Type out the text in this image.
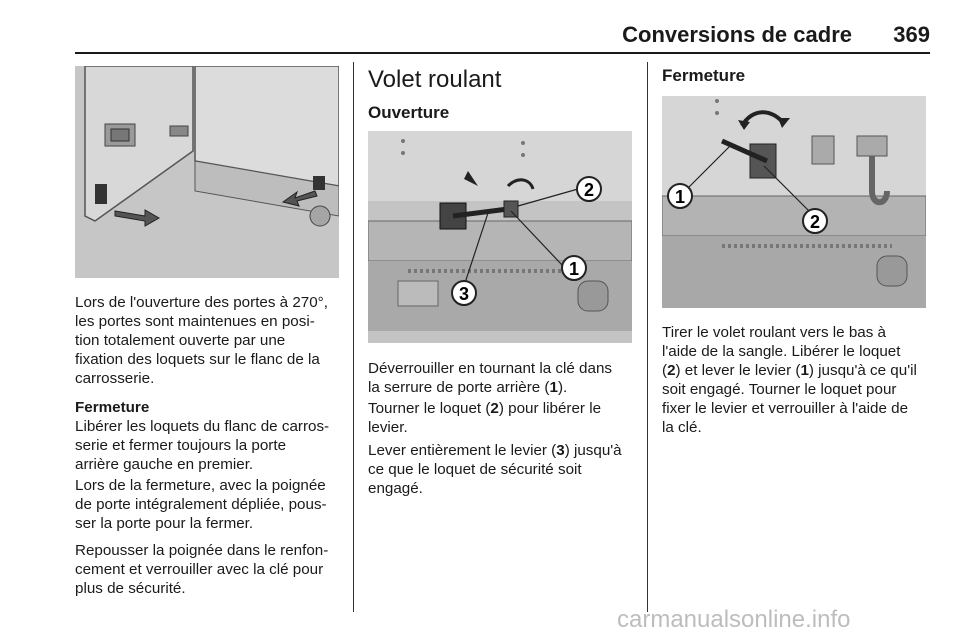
Conversions de cadre 369
Lors de l'ouverture des portes à 270°,
les portes sont maintenues en posi-
tion totalement ouverte par une
fixation des loquets sur le flanc de la
carrosserie.
Fermeture
Libérer les loquets du flanc de carros-
serie et fermer toujours la porte
arrière gauche en premier.
Lors de la fermeture, avec la poignée
de porte intégralement dépliée, pous-
ser la porte pour la fermer.
Repousser la poignée dans le renfon-
cement et verrouiller avec la clé pour
plus de sécurité.
Volet roulant
Ouverture
2
1
3
Déverrouiller en tournant la clé dans
la serrure de porte arrière (1).
Tourner le loquet (2) pour libérer le
levier.
Lever entièrement le levier (3) jusqu'à
ce que le loquet de sécurité soit
engagé.
Fermeture
1
2
Tirer le volet roulant vers le bas à
l'aide de la sangle. Libérer le loquet
(2) et lever le levier (1) jusqu'à ce qu'il
soit engagé. Tourner le loquet pour
fixer le levier et verrouiller à l'aide de
la clé.
carmanualsonline.info
